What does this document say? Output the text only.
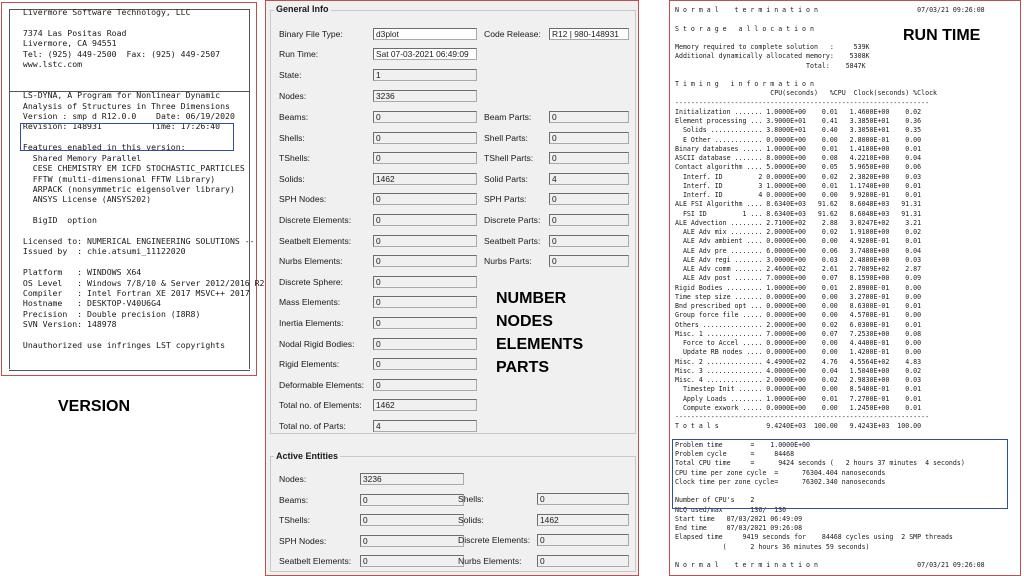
Livermore Software Technology, LLC

7374 Las Positas Road
Livermore, CA 94551
Tel: (925) 449-2500  Fax: (925) 449-2507
www.lstc.com

LS-DYNA, A Program for Nonlinear Dynamic
Analysis of Structures in Three Dimensions
Version : smp d R12.0.0    Date: 06/19/2020
Revision: 148931          Time: 17:26:40

Features enabled in this version:
Shared Memory Parallel
CESE CHEMISTRY EM ICFD STOCHASTIC_PARTICLES
FFTW (multi-dimensional FFTW Library)
ARPACK (nonsymmetric eigensolver library)
ANSYS License (ANSYS202)

BigID  option

Licensed to: NUMERICAL ENGINEERING SOLUTIONS --
Issued by  : chie.atsumi_11122020

Platform   : WINDOWS X64
OS Level   : Windows 7/8/10 & Server 2012/2016 R2
Compiler   : Intel Fortran XE 2017 MSVC++ 2017
Hostname   : DESKTOP-V40U6G4
Precision  : Double precision (I8R8)
SVN Version: 148978

Unauthorized use infringes LST copyrights

VERSION
General Info
Binary File Type:	d3plot	Code Release:	R12 | 980-148931
Run Time:	Sat 07-03-2021 06:49:09
State:	1
Nodes:	3236
Beams:	0
Shells:	0
TShells:	0
Solids:	1462
SPH Nodes:	0
Discrete Elements:	0
Seatbelt Elements:	0
Nurbs Elements:	0
Discrete Sphere:	0
Mass Elements:	0
Inertia Elements:	0
Nodal Rigid Bodies:	0
Rigid Elements:	0
Deformable Elements:	0
Total no. of Elements:	1462
Total no. of Parts:	4
Beam Parts:	0
Shell Parts:	0
TShell Parts:	0
Solid Parts:	4
SPH Parts:	0
Discrete Parts:	0
Seatbelt Parts:	0
Nurbs Parts:	0
NUMBER
NODES
ELEMENTS
PARTS
Active Entities
Nodes:	3236
Beams:	0
TShells:	0
SPH Nodes:	0
Seatbelt Elements:	0
Shells:	0
Solids:	1462
Discrete Elements:	0
Nurbs Elements:	0
N o r m a l    t e r m i n a t i o n                         07/03/21 09:26:08

S t o r a g e   a l l o c a t i o n

Memory required to complete solution   :     539K
Additional dynamically allocated memory:    5308K
Total:    5847K

T i m i n g   i n f o r m a t i o n
CPU(seconds)   %CPU  Clock(seconds) %Clock
----------------------------------------------------------------
Initialization ....... 1.0000E+00    0.01   1.4600E+00    0.02
Element processing ... 3.9000E+01    0.41   3.3850E+01    0.36
Solids ............. 3.8000E+01    0.40   3.3058E+01    0.35
E Other ............ 0.0000E+00    0.00   2.8000E-01    0.00
Binary databases ..... 1.0000E+00    0.01   1.4100E+00    0.01
ASCII database ....... 8.0000E+00    0.08   4.2210E+00    0.04
Contact algorithm .... 5.0000E+00    0.05   5.9650E+00    0.06
Interf. ID         2 0.0000E+00    0.02   2.3820E+00    0.03
Interf. ID         3 1.0000E+00    0.01   1.1740E+00    0.01
Interf. ID         4 0.0000E+00    0.00   9.9200E-01    0.01
ALE FSI Algorithm .... 8.6340E+03   91.62   8.6048E+03   91.31
FSI ID         1 ... 8.6340E+03   91.62   8.6048E+03   91.31
ALE Advection ........ 2.7100E+02    2.88   3.0247E+02    3.21
ALE Adv mix ........ 2.0000E+00    0.02   1.9100E+00    0.02
ALE Adv ambient .... 0.0000E+00    0.00   4.9200E-01    0.01
ALE Adv pre ........ 6.0000E+00    0.06   3.7480E+00    0.04
ALE Adv regi ....... 3.0000E+00    0.03   2.4800E+00    0.03
ALE Adv comm ....... 2.4600E+02    2.61   2.7089E+02    2.87
ALE Adv post ....... 7.0000E+00    0.07   8.1590E+00    0.09
Rigid Bodies ......... 1.0000E+00    0.01   2.8900E-01    0.00
Time step size ....... 0.0000E+00    0.00   3.2700E-01    0.00
Bnd prescribed opt ... 0.0000E+00    0.00   8.6300E-01    0.01
Group force file ..... 0.0000E+00    0.00   4.5700E-01    0.00
Others ............... 2.0000E+00    0.02   6.0300E-01    0.01
Misc. 1 .............. 7.0000E+00    0.07   7.2530E+00    0.08
Force to Accel ..... 0.0000E+00    0.00   4.4400E-01    0.00
Update RB nodes .... 0.0000E+00    0.00   1.4200E-01    0.00
Misc. 2 .............. 4.4900E+02    4.76   4.5564E+02    4.83
Misc. 3 .............. 4.0000E+00    0.04   1.5040E+00    0.02
Misc. 4 .............. 2.0000E+00    0.02   2.9830E+00    0.03
Timestep Init ...... 0.0000E+00    0.00   8.5400E-01    0.01
Apply Loads ........ 1.0000E+00    0.01   7.2700E-01    0.01
Compute exwork ..... 0.0000E+00    0.00   1.2450E+00    0.01
----------------------------------------------------------------
T o t a l s            9.4240E+03  100.00   9.4243E+03  100.00

Problem time       =    1.0000E+00
Problem cycle      =     84468
Total CPU time     =      9424 seconds (   2 hours 37 minutes  4 seconds)
CPU time per zone cycle  =      76304.404 nanoseconds
Clock time per zone cycle=      76302.340 nanoseconds

Number of CPU's    2
NLQ used/max       136/  136
Start time   07/03/2021 06:49:09
End time     07/03/2021 09:26:08
Elapsed time     9419 seconds for    84468 cycles using  2 SMP threads
(      2 hours 36 minutes 59 seconds)

N o r m a l    t e r m i n a t i o n                         07/03/21 09:26:08

RUN TIME
